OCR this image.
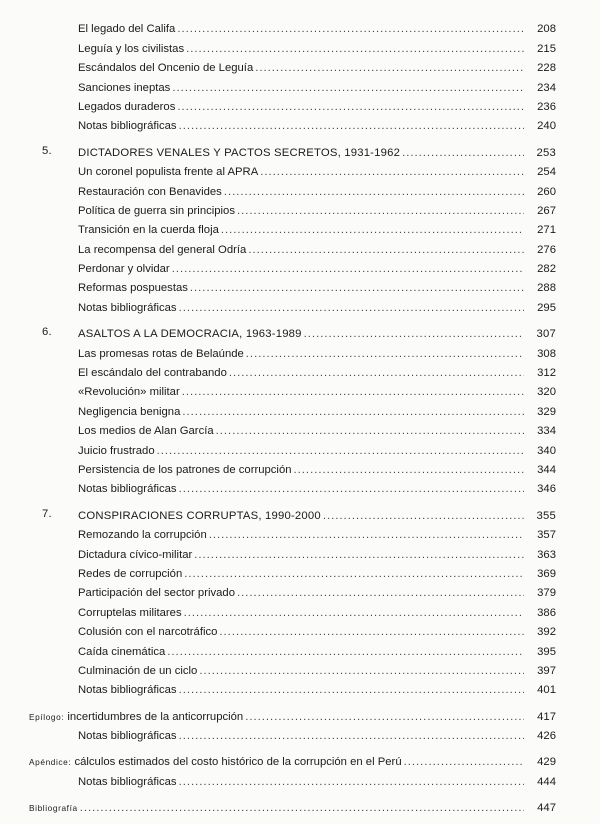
El legado del Califa .....	208
Leguía y los civilistas .....	215
Escándalos del Oncenio de Leguía .....	228
Sanciones ineptas .....	234
Legados duraderos .....	236
Notas bibliográficas .....	240
5. DICTADORES VENALES Y PACTOS SECRETOS, 1931-1962 .....	253
Un coronel populista frente al APRA .....	254
Restauración con Benavides .....	260
Política de guerra sin principios .....	267
Transición en la cuerda floja .....	271
La recompensa del general Odría .....	276
Perdonar y olvidar .....	282
Reformas pospuestas .....	288
Notas bibliográficas .....	295
6. ASALTOS A LA DEMOCRACIA, 1963-1989 .....	307
Las promesas rotas de Belaúnde .....	308
El escándalo del contrabando .....	312
«Revolución» militar .....	320
Negligencia benigna .....	329
Los medios de Alan García .....	334
Juicio frustrado .....	340
Persistencia de los patrones de corrupción .....	344
Notas bibliográficas .....	346
7. CONSPIRACIONES CORRUPTAS, 1990-2000 .....	355
Remozando la corrupción .....	357
Dictadura cívico-militar .....	363
Redes de corrupción .....	369
Participación del sector privado .....	379
Corruptelas militares .....	386
Colusión con el narcotráfico .....	392
Caída cinemática .....	395
Culminación de un ciclo .....	397
Notas bibliográficas .....	401
Epílogo: incertidumbres de la anticorrupción .....	417
Notas bibliográficas .....	426
Apéndice: cálculos estimados del costo histórico de la corrupción en el Perú .....	429
Notas bibliográficas .....	444
Bibliografía .....	447
